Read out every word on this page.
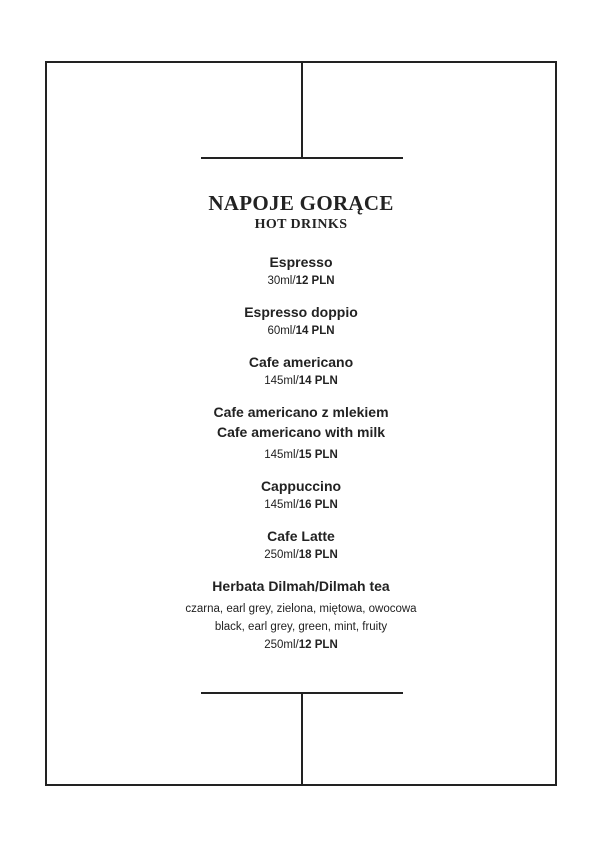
NAPOJE GORĄCE
HOT DRINKS
Espresso
30ml/12 PLN
Espresso doppio
60ml/14 PLN
Cafe americano
145ml/14 PLN
Cafe americano z mlekiem
Cafe americano with milk
145ml/15 PLN
Cappuccino
145ml/16 PLN
Cafe Latte
250ml/18 PLN
Herbata Dilmah/Dilmah tea
czarna, earl grey, zielona, miętowa, owocowa
black, earl grey, green, mint, fruity
250ml/12 PLN
